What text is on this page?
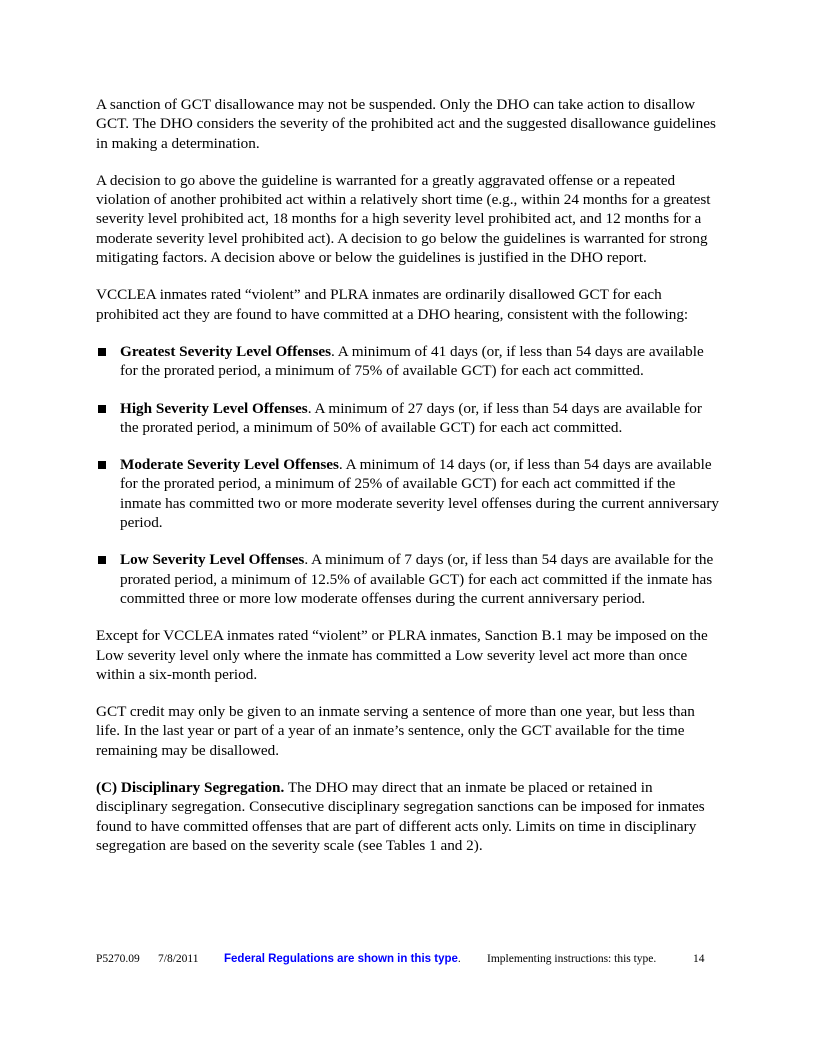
A sanction of GCT disallowance may not be suspended. Only the DHO can take action to disallow GCT. The DHO considers the severity of the prohibited act and the suggested disallowance guidelines in making a determination.

A decision to go above the guideline is warranted for a greatly aggravated offense or a repeated violation of another prohibited act within a relatively short time (e.g., within 24 months for a greatest severity level prohibited act, 18 months for a high severity level prohibited act, and 12 months for a moderate severity level prohibited act). A decision to go below the guidelines is warranted for strong mitigating factors. A decision above or below the guidelines is justified in the DHO report.

VCCLEA inmates rated “violent” and PLRA inmates are ordinarily disallowed GCT for each prohibited act they are found to have committed at a DHO hearing, consistent with the following:

Greatest Severity Level Offenses. A minimum of 41 days (or, if less than 54 days are available for the prorated period, a minimum of 75% of available GCT) for each act committed.
High Severity Level Offenses. A minimum of 27 days (or, if less than 54 days are available for the prorated period, a minimum of 50% of available GCT) for each act committed.
Moderate Severity Level Offenses. A minimum of 14 days (or, if less than 54 days are available for the prorated period, a minimum of 25% of available GCT) for each act committed if the inmate has committed two or more moderate severity level offenses during the current anniversary period.
Low Severity Level Offenses. A minimum of 7 days (or, if less than 54 days are available for the prorated period, a minimum of 12.5% of available GCT) for each act committed if the inmate has committed three or more low moderate offenses during the current anniversary period.

Except for VCCLEA inmates rated “violent” or PLRA inmates, Sanction B.1 may be imposed on the Low severity level only where the inmate has committed a Low severity level act more than once within a six-month period.

GCT credit may only be given to an inmate serving a sentence of more than one year, but less than life. In the last year or part of a year of an inmate’s sentence, only the GCT available for the time remaining may be disallowed.

(C) Disciplinary Segregation. The DHO may direct that an inmate be placed or retained in disciplinary segregation. Consecutive disciplinary segregation sanctions can be imposed for inmates found to have committed offenses that are part of different acts only. Limits on time in disciplinary segregation are based on the severity scale (see Tables 1 and 2).

P5270.09 7/8/2011 Federal Regulations are shown in this type. Implementing instructions: this type.	14
